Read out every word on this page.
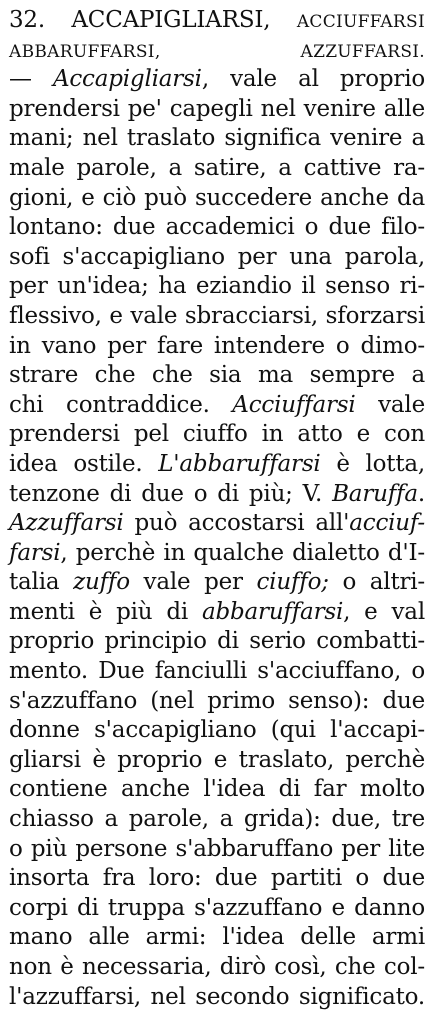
32. ACCAPIGLIARSI, ACCIUFFARSI
ABBARUFFARSI,	AZZUFFARSI.
— Accapigliarsi, vale al proprio
prendersi pe' capegli nel venire alle
mani; nel traslato significa venire a
male parole, a satire, a cattive ra-
gioni, e ciò può succedere anche da
lontano: due accademici o due filo-
sofi s'accapigliano per una parola,
per un'idea; ha eziandio il senso ri-
flessivo, e vale sbracciarsi, sforzarsi
in vano per fare intendere o dimo-
strare che che sia ma sempre a
chi contraddice. Acciuffarsi vale
prendersi pel ciuffo in atto e con
idea ostile. L'abbaruffarsi è lotta,
tenzone di due o di più; V. Baruffa.
Azzuffarsi può accostarsi all'acciuf-
farsi, perchè in qualche dialetto d'I-
talia zuffo vale per ciuffo; o altri-
menti è più di abbaruffarsi, e val
proprio principio di serio combatti-
mento. Due fanciulli s'acciuffano, o
s'azzuffano (nel primo senso): due
donne s'accapigliano (qui l'accapi-
gliarsi è proprio e traslato, perchè
contiene anche l'idea di far molto
chiasso a parole, a grida): due, tre
o più persone s'abbaruffano per lite
insorta fra loro: due partiti o due
corpi di truppa s'azzuffano e danno
mano alle armi: l'idea delle armi
non è necessaria, dirò così, che col-
l'azzuffarsi, nel secondo significato.
